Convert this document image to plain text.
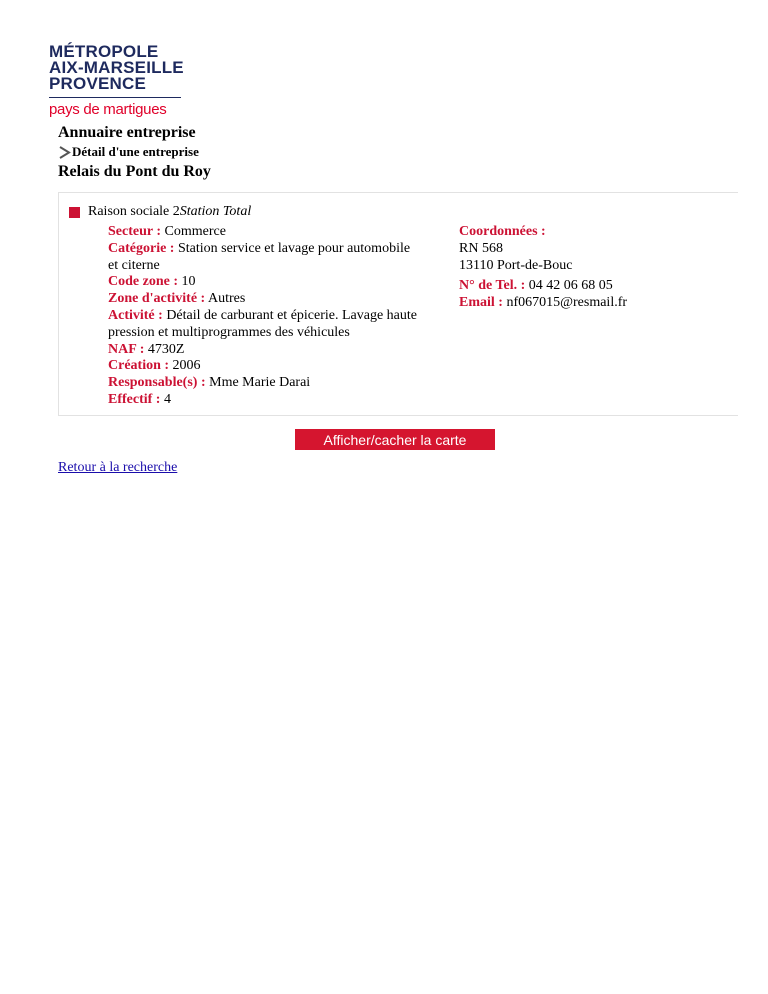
MÉTROPOLE
AIX-MARSEILLE
PROVENCE
pays de martigues
Annuaire entreprise
Détail d'une entreprise
Relais du Pont du Roy
Raison sociale 2 Station Total
Secteur : Commerce
Catégorie : Station service et lavage pour automobile et citerne
Code zone : 10
Zone d'activité : Autres
Activité : Détail de carburant et épicerie. Lavage haute pression et multiprogrammes des véhicules
NAF : 4730Z
Création : 2006
Responsable(s) : Mme Marie Darai
Effectif : 4
Coordonnées :
RN 568
13110 Port-de-Bouc
N° de Tel. : 04 42 06 68 05
Email : nf067015@resmail.fr
Afficher/cacher la carte
Retour à la recherche
